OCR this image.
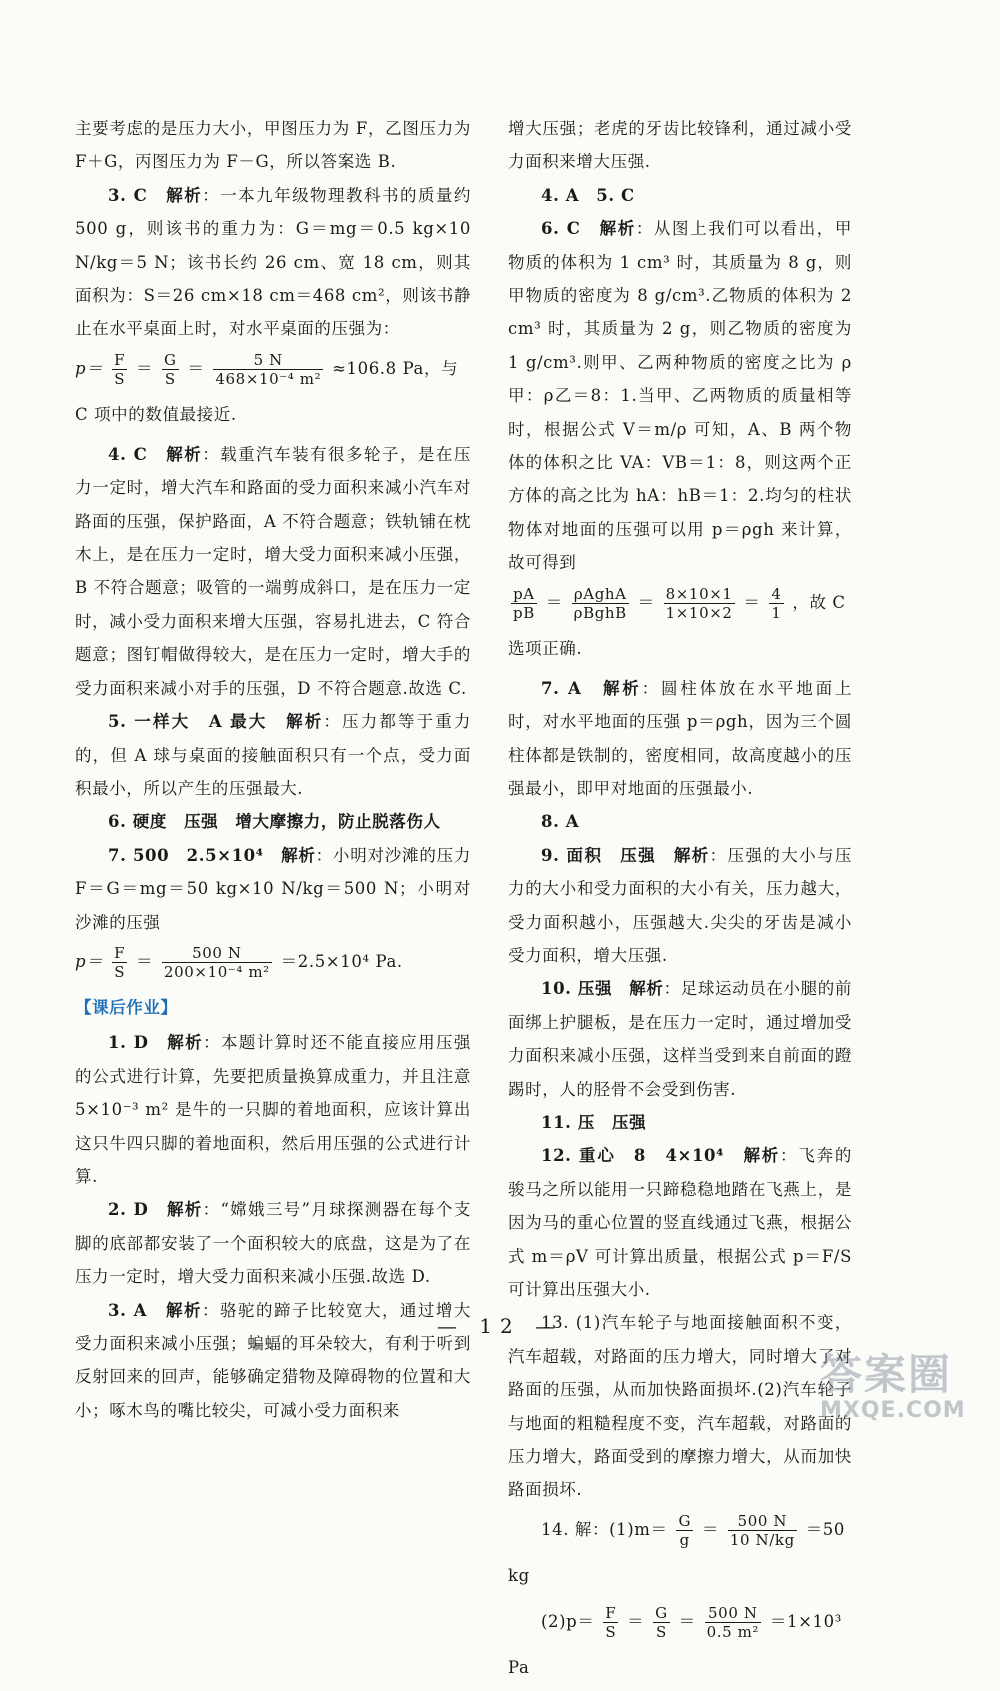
主要考虑的是压力大小，甲图压力为 F，乙图压力为 F＋G，丙图压力为 F－G，所以答案选 B.

3. C　 解析：一本九年级物理教科书的质量约 500 g，则该书的重力为：G＝mg＝0.5 kg×10 N/kg＝5 N；该书长约 26 cm、宽 18 cm，则其面积为：S＝26 cm×18 cm＝468 cm²，则该书静止在水平桌面上时，对水平桌面的压强为：

$p= \frac{F}{S} = \frac{G}{S} = \frac{5 N}{\text{468×10⁻⁴ m²}} \approx 106.8$ Pa，与 C 项中的数值最接近.

4. C　 解析：载重汽车装有很多轮子，是在压力一定时，增大汽车和路面的受力面积来减小汽车对路面的压强，保护路面，A 不符合题意；铁轨铺在枕木上，是在压力一定时，增大受力面积来减小压强，B 不符合题意；吸管的一端剪成斜口，是在压力一定时，减小受力面积来增大压强，容易扎进去，C 符合题意；图钉帽做得较大，是在压力一定时，增大手的受力面积来减小对手的压强，D 不符合题意.故选 C.

5. 一样大　A 最大　 解析：压力都等于重力的，但 A 球与桌面的接触面积只有一个点，受力面积最小，所以产生的压强最大.

6. 硬度　压强　增大摩擦力，防止脱落伤人

7. 500　2.5×10⁴　 解析：小明对沙滩的压力 F＝G＝mg＝50 kg×10 N/kg＝500 N；小明对沙滩的压强

$p= \frac{F}{S} = \frac{500 N}{\text{200×10⁻⁴ m²}} =2.5\times 10^4$ Pa.

【课后作业】

1. D　 解析：本题计算时还不能直接应用压强的公式进行计算，先要把质量换算成重力，并且注意 5×10⁻³ m² 是牛的一只脚的着地面积，应该计算出这只牛四只脚的着地面积，然后用压强的公式进行计算.

2. D　 解析：“嫦娥三号”月球探测器在每个支脚的底部都安装了一个面积较大的底盘，这是为了在压力一定时，增大受力面积来减小压强.故选 D.

3. A　 解析：骆驼的蹄子比较宽大，通过增大受力面积来减小压强；蝙蝠的耳朵较大，有利于听到反射回来的回声，能够确定猎物及障碍物的位置和大小；啄木鸟的嘴比较尖，可减小受力面积来

增大压强；老虎的牙齿比较锋利，通过减小受力面积来增大压强.

4. A　5. C

6. C　 解析：从图上我们可以看出，甲物质的体积为 1 cm³ 时，其质量为 8 g，则甲物质的密度为 8 g/cm³.乙物质的体积为 2 cm³ 时，其质量为 2 g，则乙物质的密度为 1 g/cm³.则甲、乙两种物质的密度之比为 ρ甲：ρ乙＝8：1.当甲、乙两物质的质量相等时，根据公式 V＝m/ρ 可知，A、B 两个物体的体积之比 VA：VB＝1：8，则这两个正方体的高之比为 hA：hB＝1：2.均匀的柱状物体对地面的压强可以用 p＝ρgh 来计算，故可得到

$\frac{pA}{pB} = \frac{\text{ρAghA}}{\text{ρBghB}} = \frac{8\times 10\times 1}{1\times 10\times 2} = \frac{4}{1}$ ，故 C 选项正确.

7. A　 解析：圆柱体放在水平地面上时，对水平地面的压强 p＝ρgh，因为三个圆柱体都是铁制的，密度相同，故高度越小的压强最小，即甲对地面的压强最小.

8. A

9. 面积　压强　 解析：压强的大小与压力的大小和受力面积的大小有关，压力越大，受力面积越小，压强越大.尖尖的牙齿是减小受力面积，增大压强.

10. 压强　 解析：足球运动员在小腿的前面绑上护腿板，是在压力一定时，通过增加受力面积来减小压强，这样当受到来自前面的蹬踢时，人的胫骨不会受到伤害.

11. 压　压强

12. 重心　8　4×10⁴　 解析：飞奔的骏马之所以能用一只蹄稳稳地踏在飞燕上，是因为马的重心位置的竖直线通过飞燕，根据公式 m＝ρV 可计算出质量，根据公式 p＝F/S 可计算出压强大小.

13. (1)汽车轮子与地面接触面积不变，汽车超载，对路面的压力增大，同时增大了对路面的压强，从而加快路面损坏.(2)汽车轮子与地面的粗糙程度不变，汽车超载，对路面的压力增大，路面受到的摩擦力增大，从而加快路面损坏.

14. 解：$(1)m= \frac{G}{g} = \frac{500 N}{10 N/kg} =50$ kg

$(2)p= \frac{F}{S} = \frac{G}{S} = \frac{500 N}{\text{0.5 m²}} =1\times 10^3$ Pa

— 12 —
答案圈
MXQE.COM
